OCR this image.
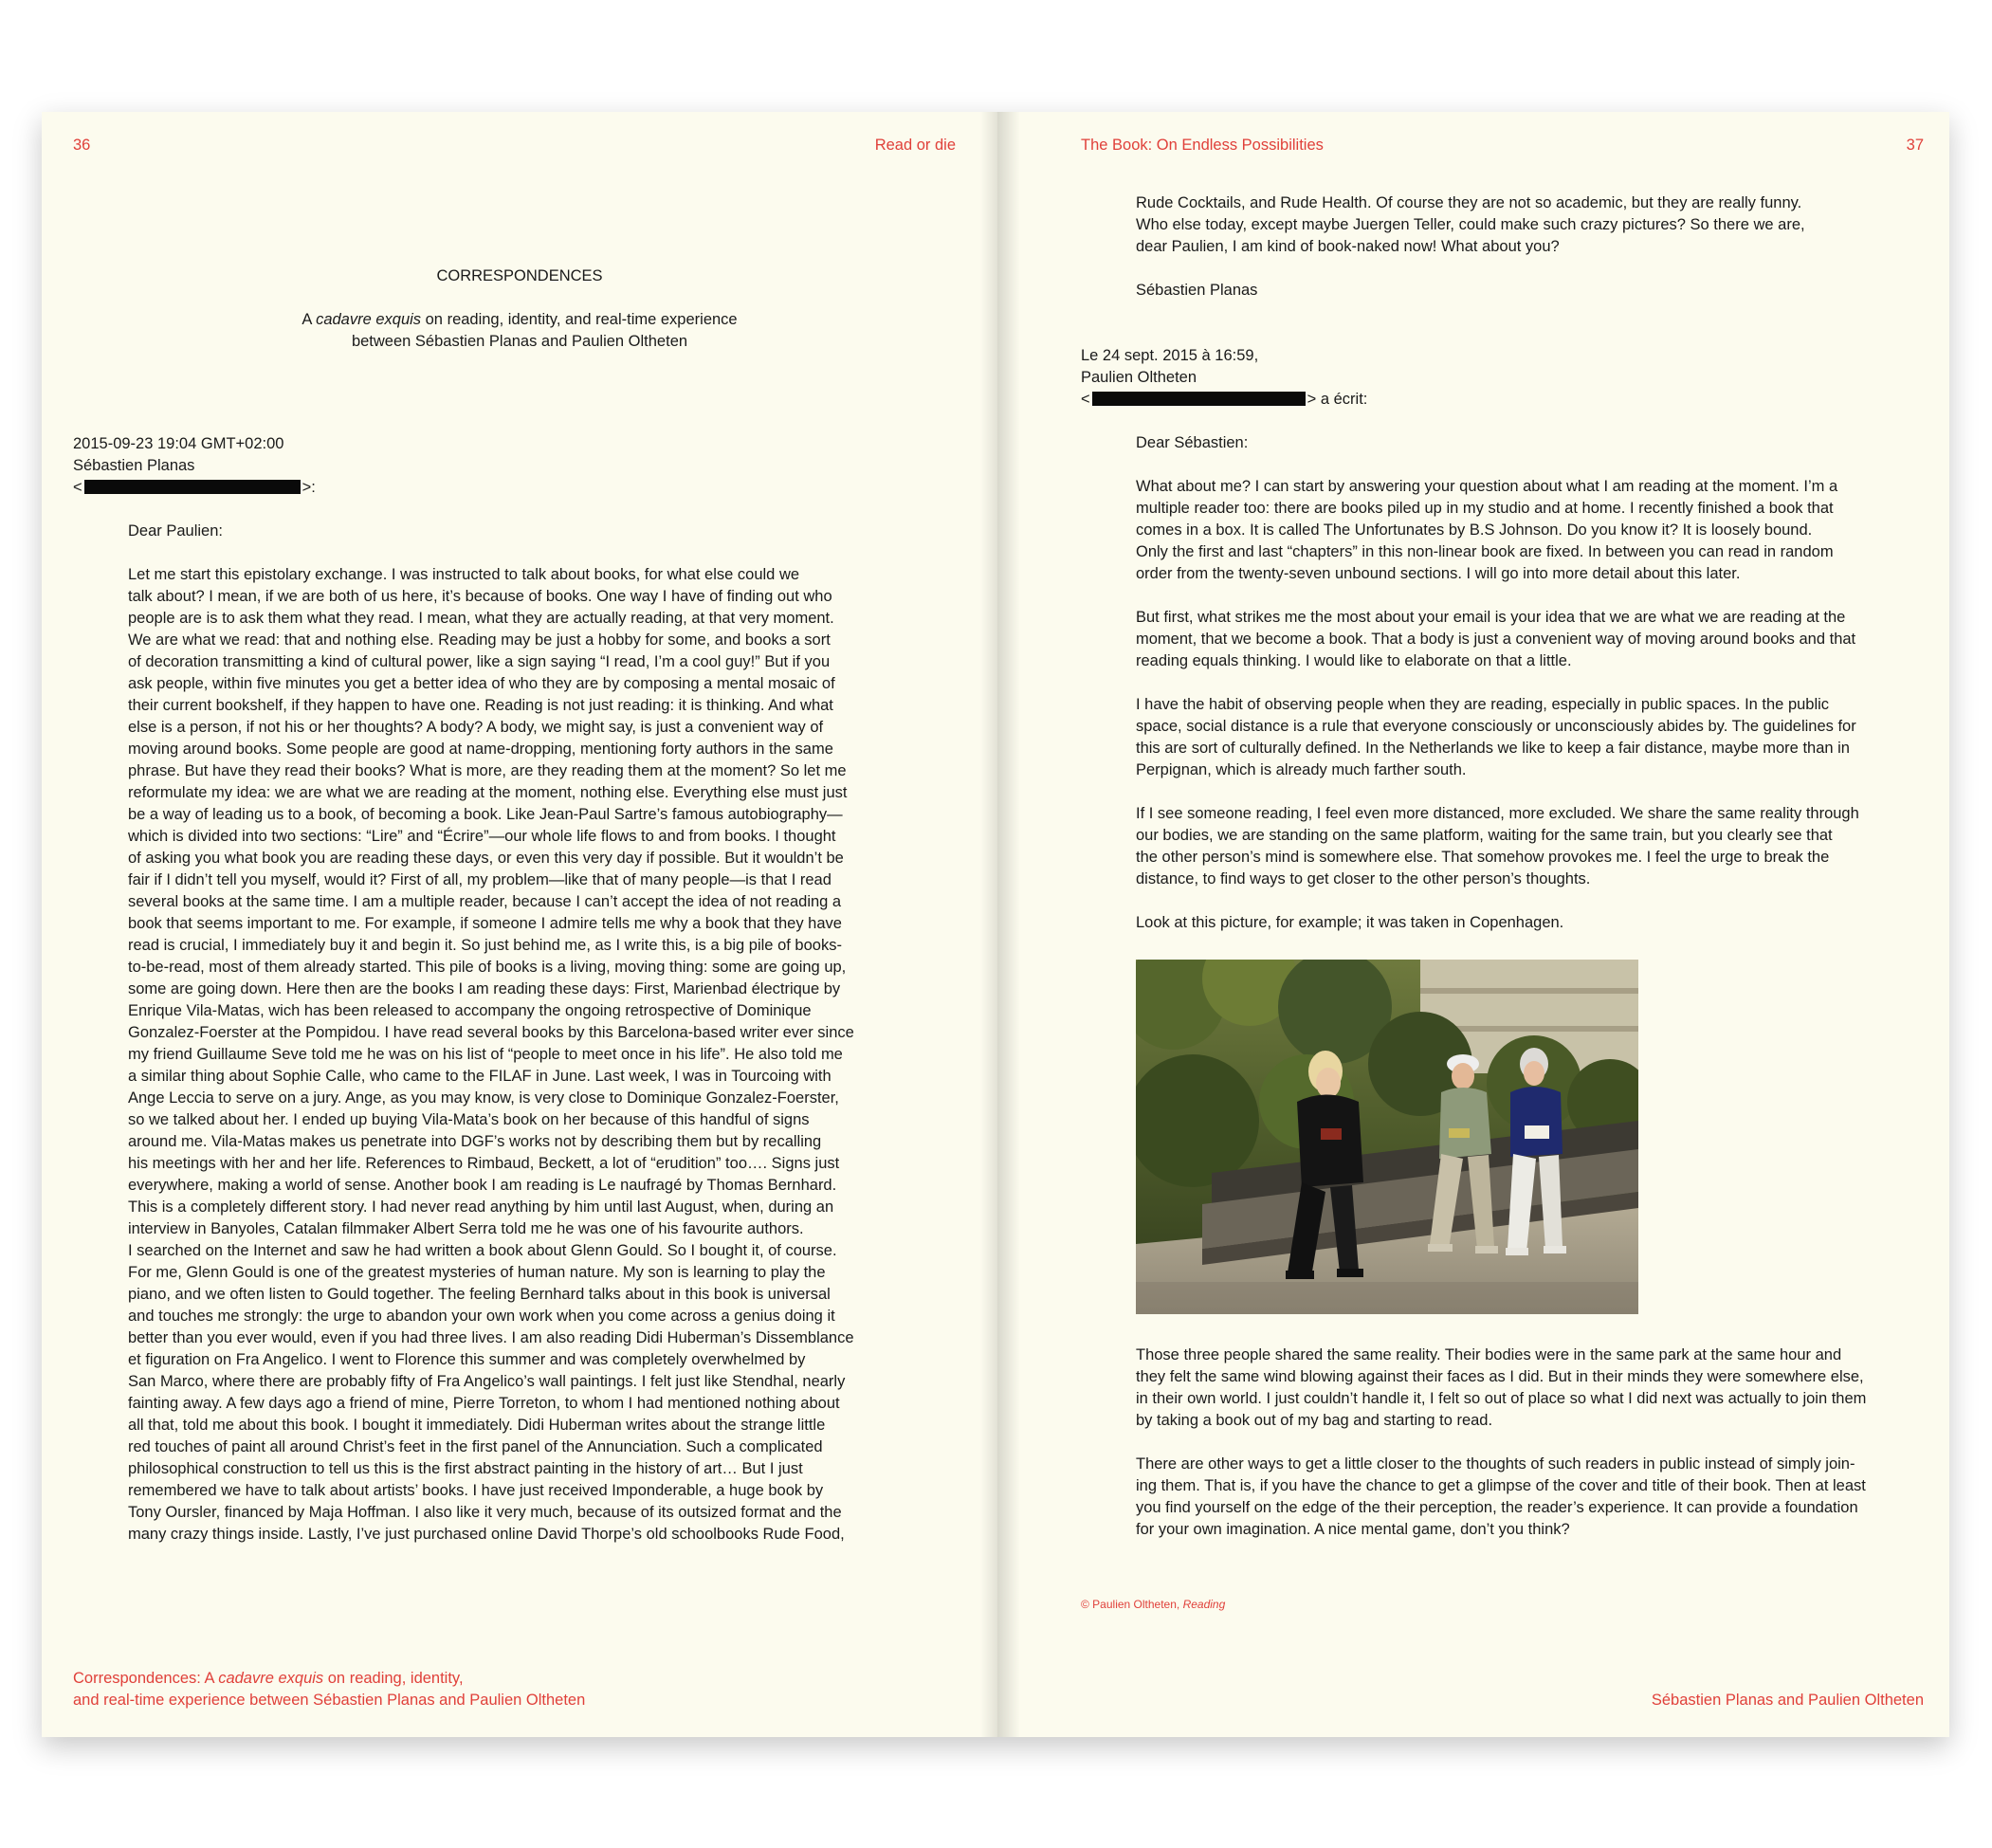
36	Read or die
CORRESPONDENCES
A cadavre exquis on reading, identity, and real-time experience
between Sébastien Planas and Paulien Oltheten
2015-09-23 19:04 GMT+02:00
Sébastien Planas
<	>:
Dear Paulien:
Let me start this epistolary exchange. I was instructed to talk about books, for what else could we
talk about? I mean, if we are both of us here, it’s because of books. One way I have of finding out who
people are is to ask them what they read. I mean, what they are actually reading, at that very moment.
We are what we read: that and nothing else. Reading may be just a hobby for some, and books a sort
of decoration transmitting a kind of cultural power, like a sign saying “I read, I’m a cool guy!” But if you
ask people, within five minutes you get a better idea of who they are by composing a mental mosaic of
their current bookshelf, if they happen to have one. Reading is not just reading: it is thinking. And what
else is a person, if not his or her thoughts? A body? A body, we might say, is just a convenient way of
moving around books. Some people are good at name-dropping, mentioning forty authors in the same
phrase. But have they read their books? What is more, are they reading them at the moment? So let me
reformulate my idea: we are what we are reading at the moment, nothing else. Everything else must just
be a way of leading us to a book, of becoming a book. Like Jean-Paul Sartre’s famous autobiography—
which is divided into two sections: “Lire” and “Écrire”—our whole life flows to and from books. I thought
of asking you what book you are reading these days, or even this very day if possible. But it wouldn’t be
fair if I didn’t tell you myself, would it? First of all, my problem—like that of many people—is that I read
several books at the same time. I am a multiple reader, because I can’t accept the idea of not reading a
book that seems important to me. For example, if someone I admire tells me why a book that they have
read is crucial, I immediately buy it and begin it. So just behind me, as I write this, is a big pile of books-
to-be-read, most of them already started. This pile of books is a living, moving thing: some are going up,
some are going down. Here then are the books I am reading these days: First, Marienbad électrique by
Enrique Vila-Matas, wich has been released to accompany the ongoing retrospective of Dominique
Gonzalez-Foerster at the Pompidou. I have read several books by this Barcelona-based writer ever since
my friend Guillaume Seve told me he was on his list of “people to meet once in his life”. He also told me
a similar thing about Sophie Calle, who came to the FILAF in June. Last week, I was in Tourcoing with
Ange Leccia to serve on a jury. Ange, as you may know, is very close to Dominique Gonzalez-Foerster,
so we talked about her. I ended up buying Vila-Mata’s book on her because of this handful of signs
around me. Vila-Matas makes us penetrate into DGF’s works not by describing them but by recalling
his meetings with her and her life. References to Rimbaud, Beckett, a lot of “erudition” too…. Signs just
everywhere, making a world of sense. Another book I am reading is Le naufragé by Thomas Bernhard.
This is a completely different story. I had never read anything by him until last August, when, during an
interview in Banyoles, Catalan filmmaker Albert Serra told me he was one of his favourite authors.
I searched on the Internet and saw he had written a book about Glenn Gould. So I bought it, of course.
For me, Glenn Gould is one of the greatest mysteries of human nature. My son is learning to play the
piano, and we often listen to Gould together. The feeling Bernhard talks about in this book is universal
and touches me strongly: the urge to abandon your own work when you come across a genius doing it
better than you ever would, even if you had three lives. I am also reading Didi Huberman’s Dissemblance
et figuration on Fra Angelico. I went to Florence this summer and was completely overwhelmed by
San Marco, where there are probably fifty of Fra Angelico’s wall paintings. I felt just like Stendhal, nearly
fainting away. A few days ago a friend of mine, Pierre Torreton, to whom I had mentioned nothing about
all that, told me about this book. I bought it immediately. Didi Huberman writes about the strange little
red touches of paint all around Christ’s feet in the first panel of the Annunciation. Such a complicated
philosophical construction to tell us this is the first abstract painting in the history of art… But I just
remembered we have to talk about artists’ books. I have just received Imponderable, a huge book by
Tony Oursler, financed by Maja Hoffman. I also like it very much, because of its outsized format and the
many crazy things inside. Lastly, I’ve just purchased online David Thorpe’s old schoolbooks Rude Food,
Correspondences: A cadavre exquis on reading, identity,
and real-time experience between Sébastien Planas and Paulien Oltheten
The Book: On Endless Possibilities	37
Rude Cocktails, and Rude Health. Of course they are not so academic, but they are really funny.
Who else today, except maybe Juergen Teller, could make such crazy pictures? So there we are,
dear Paulien, I am kind of book-naked now! What about you?
Sébastien Planas
Le 24 sept. 2015 à 16:59,
Paulien Oltheten
<	> a écrit:
Dear Sébastien:

What about me? I can start by answering your question about what I am reading at the moment. I’m a
multiple reader too: there are books piled up in my studio and at home. I recently finished a book that
comes in a box. It is called The Unfortunates by B.S Johnson. Do you know it? It is loosely bound.
Only the first and last “chapters” in this non-linear book are fixed. In between you can read in random
order from the twenty-seven unbound sections. I will go into more detail about this later.

But first, what strikes me the most about your email is your idea that we are what we are reading at the
moment, that we become a book. That a body is just a convenient way of moving around books and that
reading equals thinking. I would like to elaborate on that a little.

I have the habit of observing people when they are reading, especially in public spaces. In the public
space, social distance is a rule that everyone consciously or unconsciously abides by. The guidelines for
this are sort of culturally defined. In the Netherlands we like to keep a fair distance, maybe more than in
Perpignan, which is already much farther south.

If I see someone reading, I feel even more distanced, more excluded. We share the same reality through
our bodies, we are standing on the same platform, waiting for the same train, but you clearly see that
the other person’s mind is somewhere else. That somehow provokes me. I feel the urge to break the
distance, to find ways to get closer to the other person’s thoughts.

Look at this picture, for example; it was taken in Copenhagen.

Those three people shared the same reality. Their bodies were in the same park at the same hour and
they felt the same wind blowing against their faces as I did. But in their minds they were somewhere else,
in their own world. I just couldn’t handle it, I felt so out of place so what I did next was actually to join them
by taking a book out of my bag and starting to read.

There are other ways to get a little closer to the thoughts of such readers in public instead of simply join-
ing them. That is, if you have the chance to get a glimpse of the cover and title of their book. Then at least
you find yourself on the edge of the their perception, the reader’s experience. It can provide a foundation
for your own imagination. A nice mental game, don’t you think?

© Paulien Oltheten, Reading
Sébastien Planas and Paulien Oltheten
